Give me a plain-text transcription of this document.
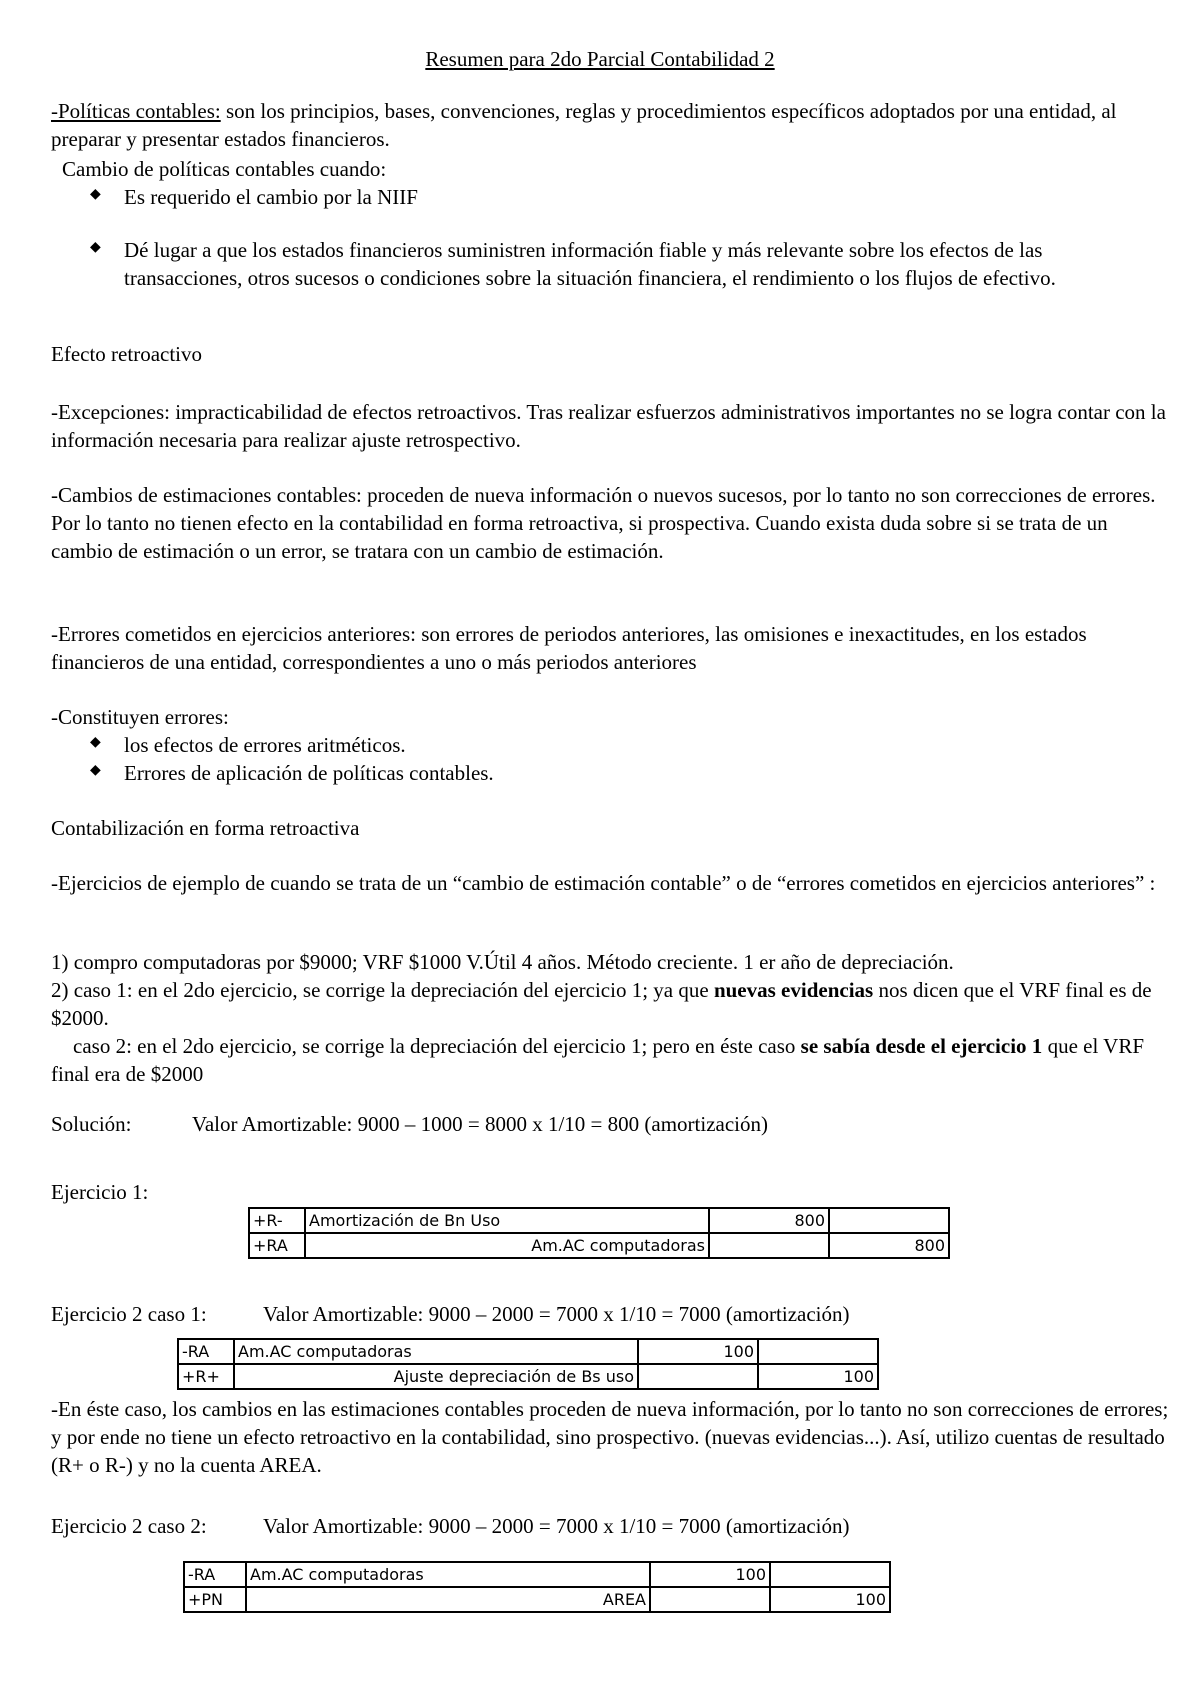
Resumen para 2do Parcial Contabilidad 2

-Políticas contables: son los principios, bases, convenciones, reglas y procedimientos específicos adoptados por una entidad, al preparar y presentar estados financieros.

Cambio de políticas contables cuando:

◆ Es requerido el cambio por la NIIF
◆ Dé lugar a que los estados financieros suministren información fiable y más relevante sobre los efectos de las transacciones, otros sucesos o condiciones sobre la situación financiera, el rendimiento o los flujos de efectivo.

Efecto retroactivo

-Excepciones: impracticabilidad de efectos retroactivos. Tras realizar esfuerzos administrativos importantes no se logra contar con la información necesaria para realizar ajuste retrospectivo.

-Cambios de estimaciones contables: proceden de nueva información o nuevos sucesos, por lo tanto no son correcciones de errores. Por lo tanto no tienen efecto en la contabilidad en forma retroactiva, si prospectiva. Cuando exista duda sobre si se trata de un cambio de estimación o un error, se tratara con un cambio de estimación.

-Errores cometidos en ejercicios anteriores: son errores de periodos anteriores, las omisiones e inexactitudes, en los estados financieros de una entidad, correspondientes a uno o más periodos anteriores

-Constituyen errores:

◆ los efectos de errores aritméticos.
◆ Errores de aplicación de políticas contables.

Contabilización en forma retroactiva

-Ejercicios de ejemplo de cuando se trata de un “cambio de estimación contable” o de “errores cometidos en ejercicios anteriores” :

1) compro computadoras por $9000; VRF $1000 V.Útil 4 años. Método creciente. 1 er año de depreciación.

2) caso 1: en el 2do ejercicio, se corrige la depreciación del ejercicio 1; ya que nuevas evidencias nos dicen que el VRF final es de $2000.

caso 2: en el 2do ejercicio, se corrige la depreciación del ejercicio 1; pero en éste caso se sabía desde el ejercicio 1 que el VRF final era de $2000

Solución:	Valor Amortizable: 9000 – 1000 = 8000 x 1/10 = 800 (amortización)

Ejercicio 1:

+R-	Amortización de Bn Uso	800	
+RA	Am.AC computadoras		800

Ejercicio 2 caso 1:	Valor Amortizable: 9000 – 2000 = 7000 x 1/10 = 7000 (amortización)

-RA	Am.AC computadoras	100	
+R+	Ajuste depreciación de Bs uso		100

-En éste caso, los cambios en las estimaciones contables proceden de nueva información, por lo tanto no son correcciones de errores; y por ende no tiene un efecto retroactivo en la contabilidad, sino prospectivo. (nuevas evidencias...). Así, utilizo cuentas de resultado (R+ o R-) y no la cuenta AREA.

Ejercicio 2 caso 2:	Valor Amortizable: 9000 – 2000 = 7000 x 1/10 = 7000 (amortización)

-RA	Am.AC computadoras	100	
+PN	AREA		100
